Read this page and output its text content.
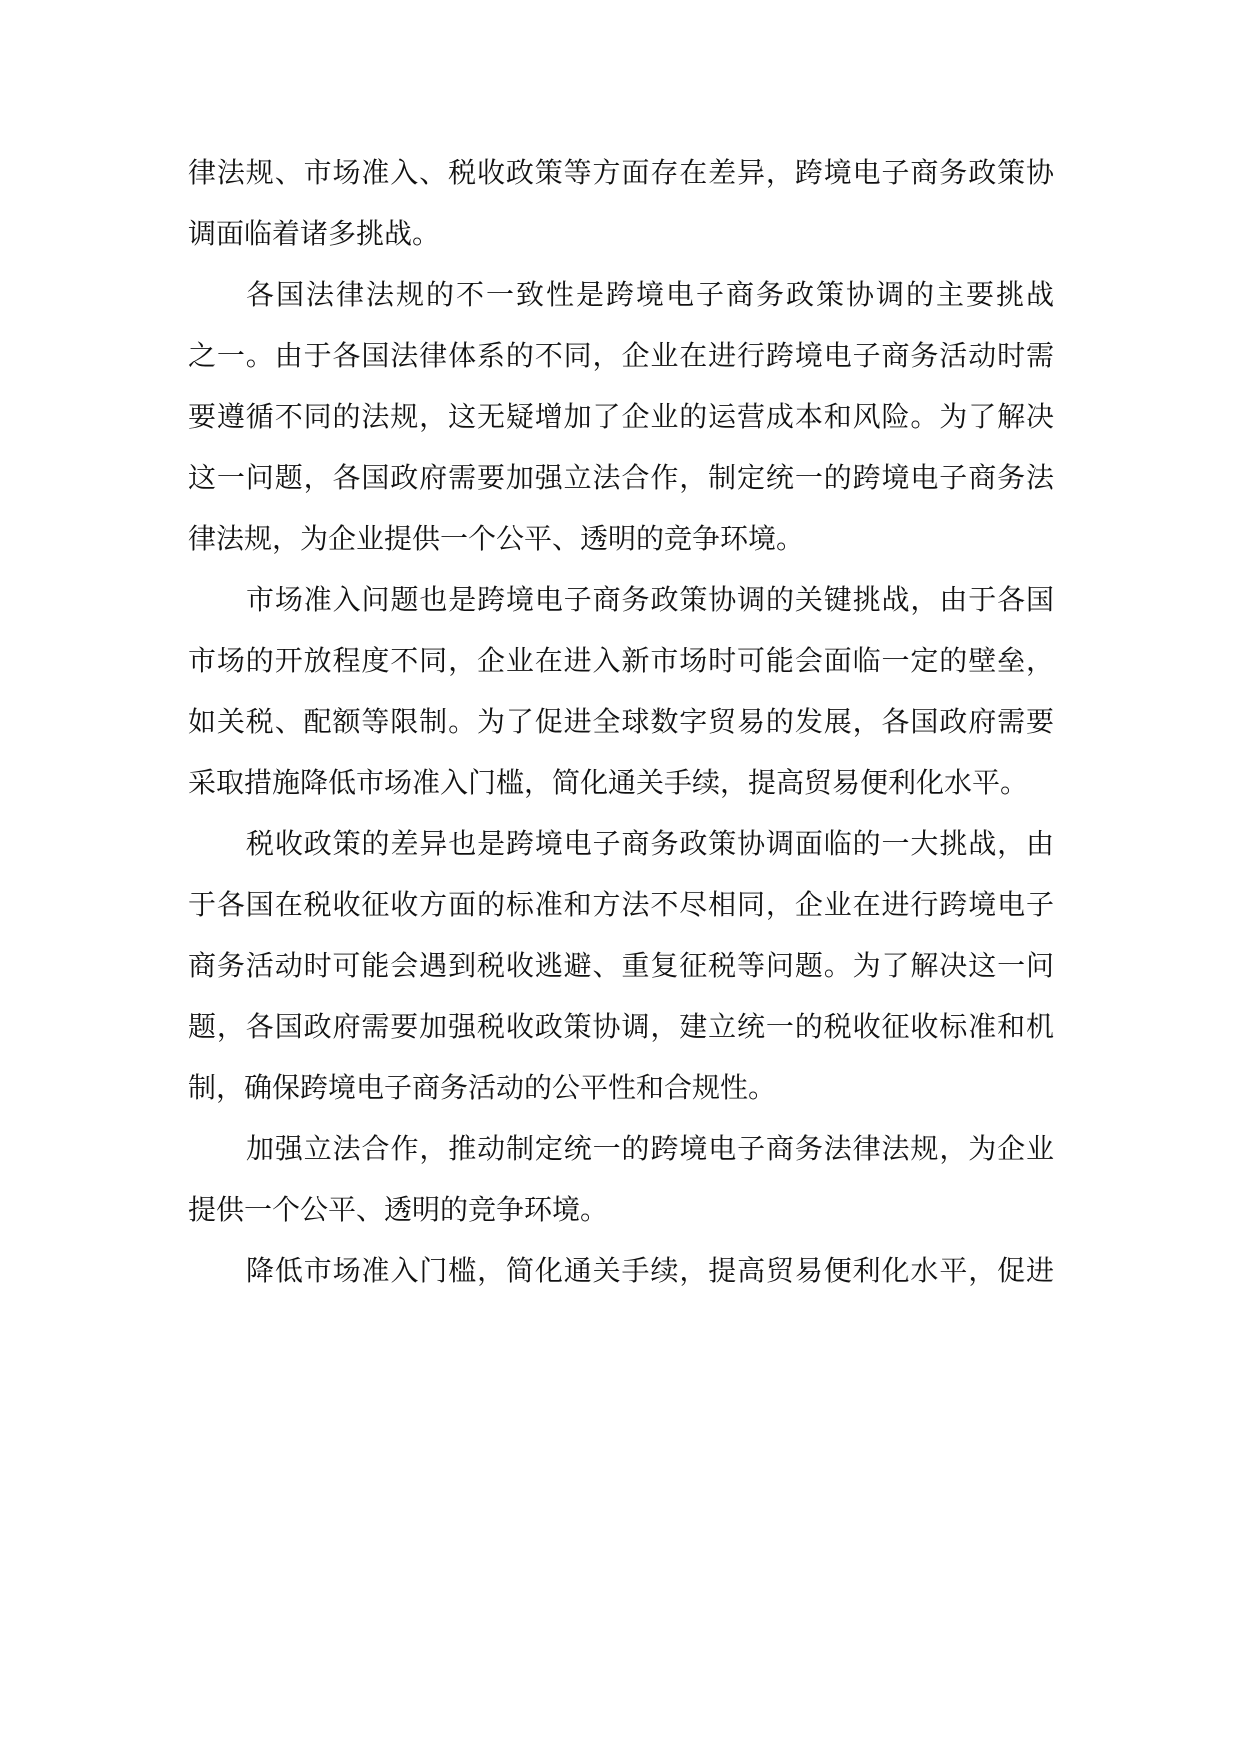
律法规、市场准入、税收政策等方面存在差异，跨境电子商务政策协
调面临着诸多挑战。
各国法律法规的不一致性是跨境电子商务政策协调的主要挑战
之一。由于各国法律体系的不同，企业在进行跨境电子商务活动时需
要遵循不同的法规，这无疑增加了企业的运营成本和风险。为了解决
这一问题，各国政府需要加强立法合作，制定统一的跨境电子商务法
律法规，为企业提供一个公平、透明的竞争环境。
市场准入问题也是跨境电子商务政策协调的关键挑战，由于各国
市场的开放程度不同，企业在进入新市场时可能会面临一定的壁垒，
如关税、配额等限制。为了促进全球数字贸易的发展，各国政府需要
采取措施降低市场准入门槛，简化通关手续，提高贸易便利化水平。
税收政策的差异也是跨境电子商务政策协调面临的一大挑战，由
于各国在税收征收方面的标准和方法不尽相同，企业在进行跨境电子
商务活动时可能会遇到税收逃避、重复征税等问题。为了解决这一问
题，各国政府需要加强税收政策协调，建立统一的税收征收标准和机
制，确保跨境电子商务活动的公平性和合规性。
加强立法合作，推动制定统一的跨境电子商务法律法规，为企业
提供一个公平、透明的竞争环境。
降低市场准入门槛，简化通关手续，提高贸易便利化水平，促进
